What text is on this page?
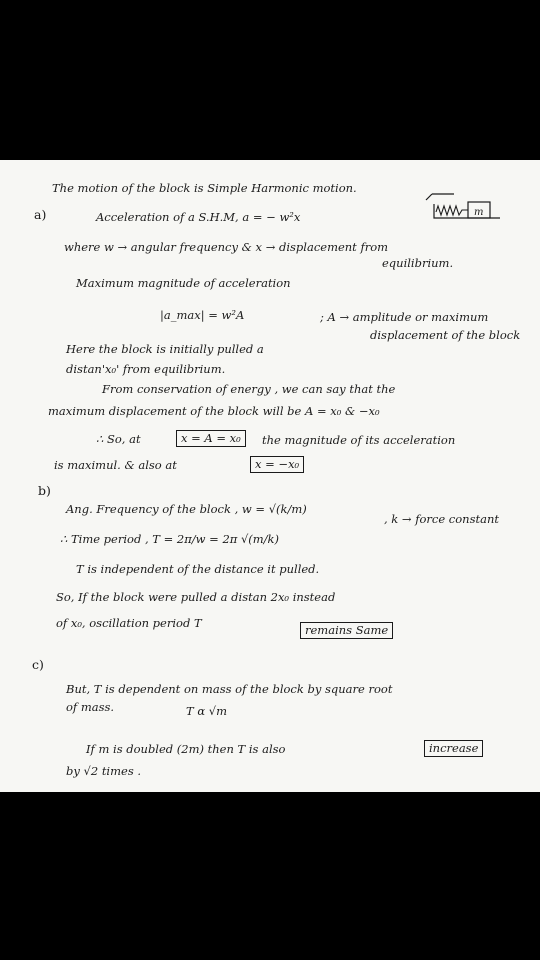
The motion of the block is Simple Harmonic motion.
m
a)	Acceleration of a S.H.M, a = − w²x
where w → angular frequency & x → displacement from
equilibrium.
Maximum magnitude of acceleration
|a_max| = w²A	; A → amplitude or maximum
displacement of the block
Here the block is initially pulled a
distan'x₀' from equilibrium.
From conservation of energy , we can say that the
maximum displacement of the block will be A = x₀ & −x₀
∴ So, at	x = A = x₀	the magnitude of its acceleration
is maximul. & also at	x = −x₀
b)
Ang. Frequency of the block , w = √(k/m)
, k → force constant
∴ Time period , T = 2π/w = 2π √(m/k)
T is independent of the distance it pulled.
So, If the block were pulled a distan 2x₀ instead
of x₀, oscillation period T	remains Same
c)
But, T is dependent on mass of the block by square root
of mass.	T α √m
If m is doubled (2m) then T is also	increase
by √2 times .
